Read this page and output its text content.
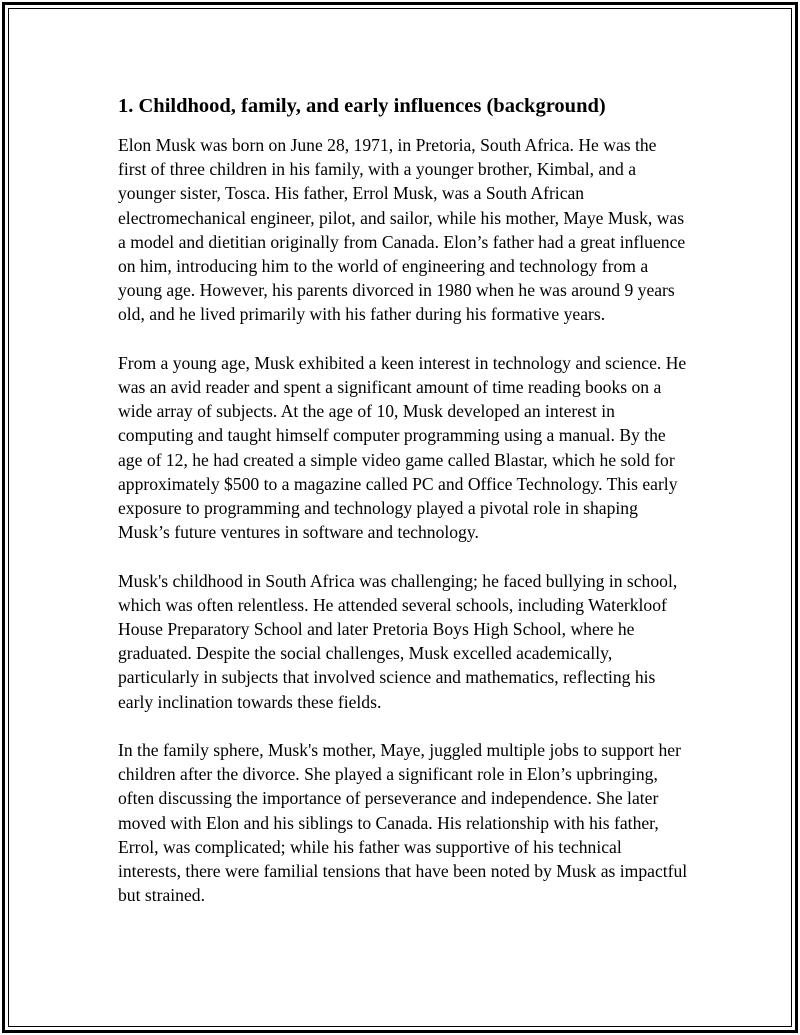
1. Childhood, family, and early influences (background)

Elon Musk was born on June 28, 1971, in Pretoria, South Africa. He was the first of three children in his family, with a younger brother, Kimbal, and a younger sister, Tosca. His father, Errol Musk, was a South African electromechanical engineer, pilot, and sailor, while his mother, Maye Musk, was a model and dietitian originally from Canada. Elon’s father had a great influence on him, introducing him to the world of engineering and technology from a young age. However, his parents divorced in 1980 when he was around 9 years old, and he lived primarily with his father during his formative years.

From a young age, Musk exhibited a keen interest in technology and science. He was an avid reader and spent a significant amount of time reading books on a wide array of subjects. At the age of 10, Musk developed an interest in computing and taught himself computer programming using a manual. By the age of 12, he had created a simple video game called Blastar, which he sold for approximately $500 to a magazine called PC and Office Technology. This early exposure to programming and technology played a pivotal role in shaping Musk’s future ventures in software and technology.

Musk's childhood in South Africa was challenging; he faced bullying in school, which was often relentless. He attended several schools, including Waterkloof House Preparatory School and later Pretoria Boys High School, where he graduated. Despite the social challenges, Musk excelled academically, particularly in subjects that involved science and mathematics, reflecting his early inclination towards these fields.

In the family sphere, Musk's mother, Maye, juggled multiple jobs to support her children after the divorce. She played a significant role in Elon’s upbringing, often discussing the importance of perseverance and independence. She later moved with Elon and his siblings to Canada. His relationship with his father, Errol, was complicated; while his father was supportive of his technical interests, there were familial tensions that have been noted by Musk as impactful but strained.
